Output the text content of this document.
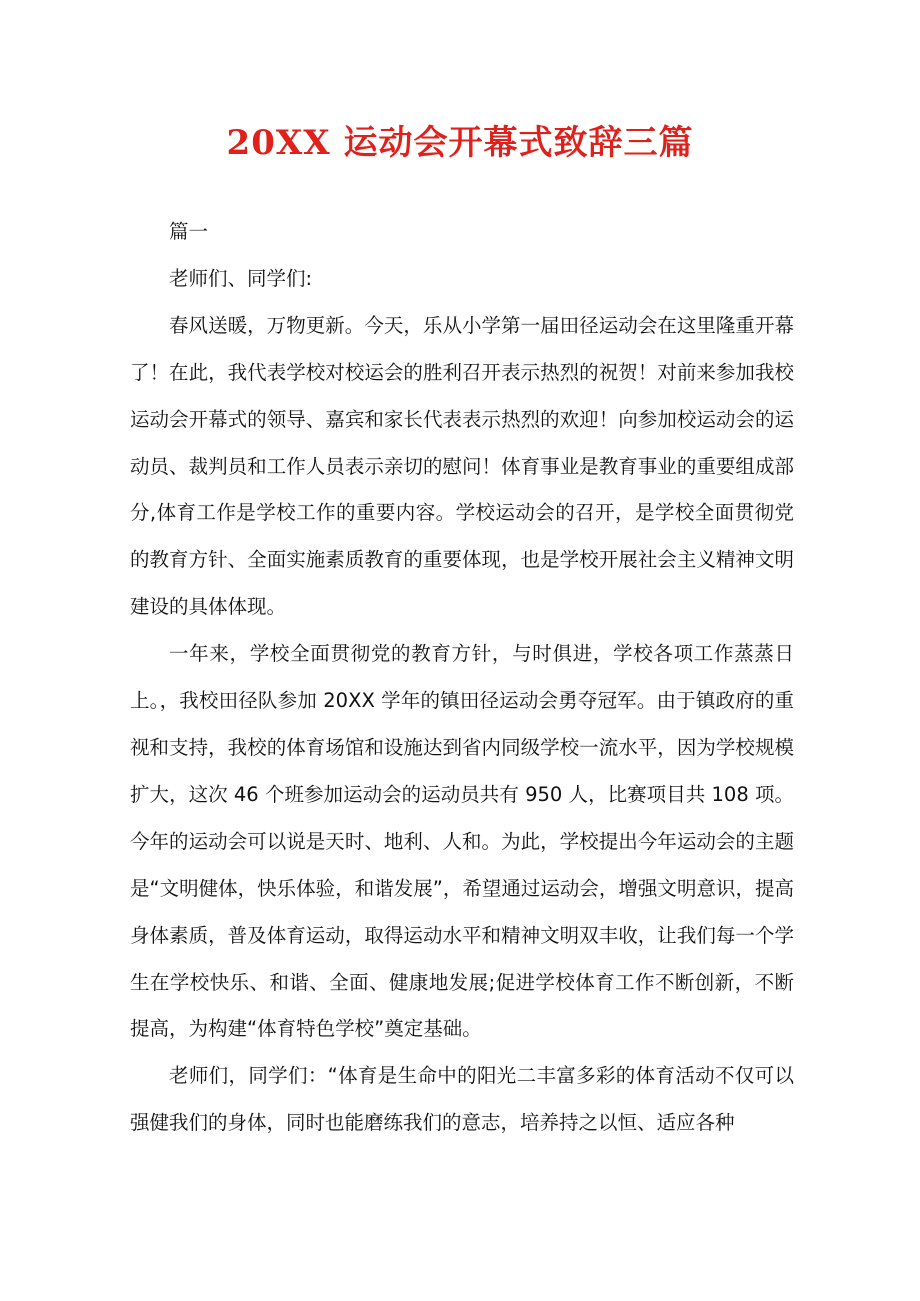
20XX 运动会开幕式致辞三篇

篇一

老师们、同学们:

春风送暖，万物更新。今天，乐从小学第一届田径运动会在这里隆重开幕了！在此，我代表学校对校运会的胜利召开表示热烈的祝贺！对前来参加我校运动会开幕式的领导、嘉宾和家长代表表示热烈的欢迎！向参加校运动会的运动员、裁判员和工作人员表示亲切的慰问！体育事业是教育事业的重要组成部分,体育工作是学校工作的重要内容。学校运动会的召开，是学校全面贯彻党的教育方针、全面实施素质教育的重要体现，也是学校开展社会主义精神文明建设的具体体现。

一年来，学校全面贯彻党的教育方针，与时俱进，学校各项工作蒸蒸日上。，我校田径队参加 20XX 学年的镇田径运动会勇夺冠军。由于镇政府的重视和支持，我校的体育场馆和设施达到省内同级学校一流水平，因为学校规模扩大，这次 46 个班参加运动会的运动员共有 950 人，比赛项目共 108 项。今年的运动会可以说是天时、地利、人和。为此，学校提出今年运动会的主题是“文明健体，快乐体验，和谐发展”，希望通过运动会，增强文明意识，提高身体素质，普及体育运动，取得运动水平和精神文明双丰收，让我们每一个学生在学校快乐、和谐、全面、健康地发展;促进学校体育工作不断创新，不断提高，为构建“体育特色学校”奠定基础。

老师们，同学们：“体育是生命中的阳光二丰富多彩的体育活动不仅可以强健我们的身体，同时也能磨练我们的意志，培养持之以恒、适应各种
